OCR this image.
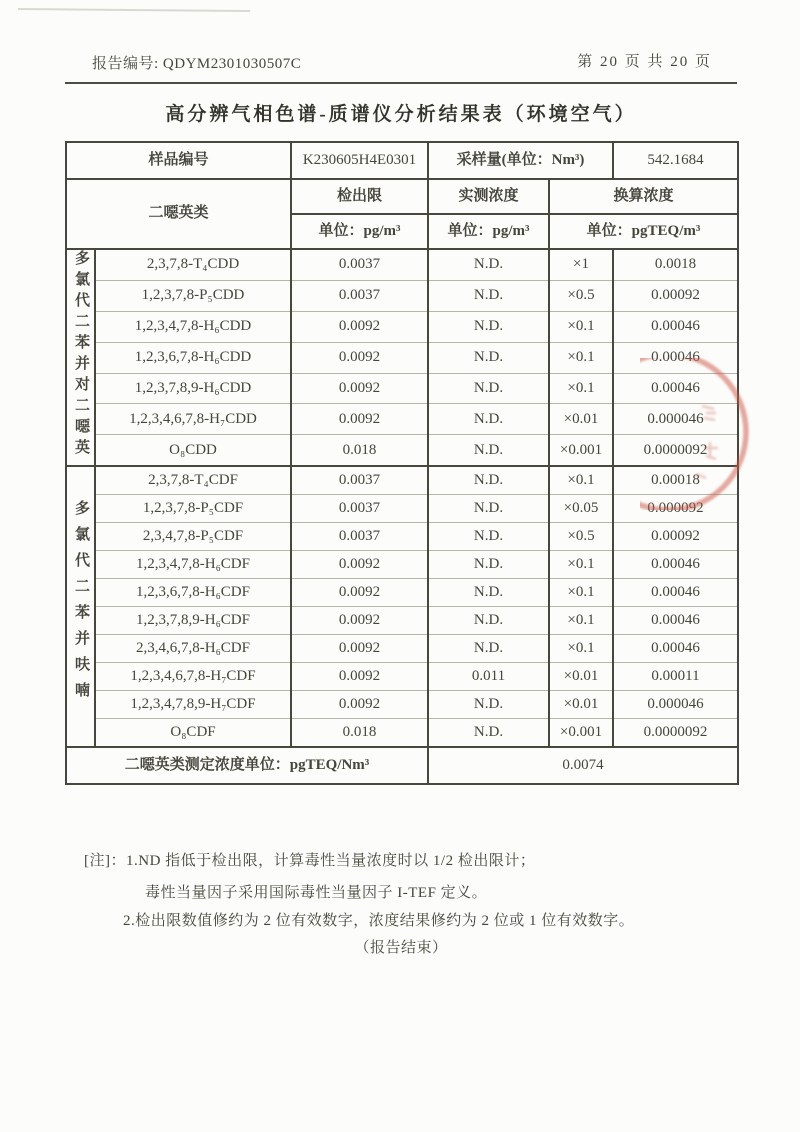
报告编号: QDYM2301030507C	第 20 页 共 20 页
高分辨气相色谱-质谱仪分析结果表（环境空气）
样品编号		K230605H4E0301	采样量(单位：Nm³)		542.1684
二噁英类		检出限	实测浓度	换算浓度	
		单位：pg/m³	单位：pg/m³	单位：pgTEQ/m³	
多氯代二苯并对二噁英	2,3,7,8-T₄CDD	0.0037	N.D.	×1	0.0018
	1,2,3,7,8-P₅CDD	0.0037	N.D.	×0.5	0.00092
	1,2,3,4,7,8-H₆CDD	0.0092	N.D.	×0.1	0.00046
	1,2,3,6,7,8-H₆CDD	0.0092	N.D.	×0.1	0.00046
	1,2,3,7,8,9-H₆CDD	0.0092	N.D.	×0.1	0.00046
	1,2,3,4,6,7,8-H₇CDD	0.0092	N.D.	×0.01	0.000046
	O₈CDD	0.018	N.D.	×0.001	0.0000092
多氯代二苯并呋喃	2,3,7,8-T₄CDF	0.0037	N.D.	×0.1	0.00018
	1,2,3,7,8-P₅CDF	0.0037	N.D.	×0.05	0.000092
	2,3,4,7,8-P₅CDF	0.0037	N.D.	×0.5	0.00092
	1,2,3,4,7,8-H₆CDF	0.0092	N.D.	×0.1	0.00046
	1,2,3,6,7,8-H₆CDF	0.0092	N.D.	×0.1	0.00046
	1,2,3,7,8,9-H₆CDF	0.0092	N.D.	×0.1	0.00046
	2,3,4,6,7,8-H₆CDF	0.0092	N.D.	×0.1	0.00046
	1,2,3,4,6,7,8-H₇CDF	0.0092	0.011	×0.01	0.00011
	1,2,3,4,7,8,9-H₇CDF	0.0092	N.D.	×0.01	0.000046
	O₈CDF	0.018	N.D.	×0.001	0.0000092
二噁英类测定浓度单位：pgTEQ/Nm³			0.0074		
[注]：1.ND 指低于检出限，计算毒性当量浓度时以 1/2 检出限计；
毒性当量因子采用国际毒性当量因子 I-TEF 定义。
2.检出限数值修约为 2 位有效数字，浓度结果修约为 2 位或 1 位有效数字。
（报告结束）
